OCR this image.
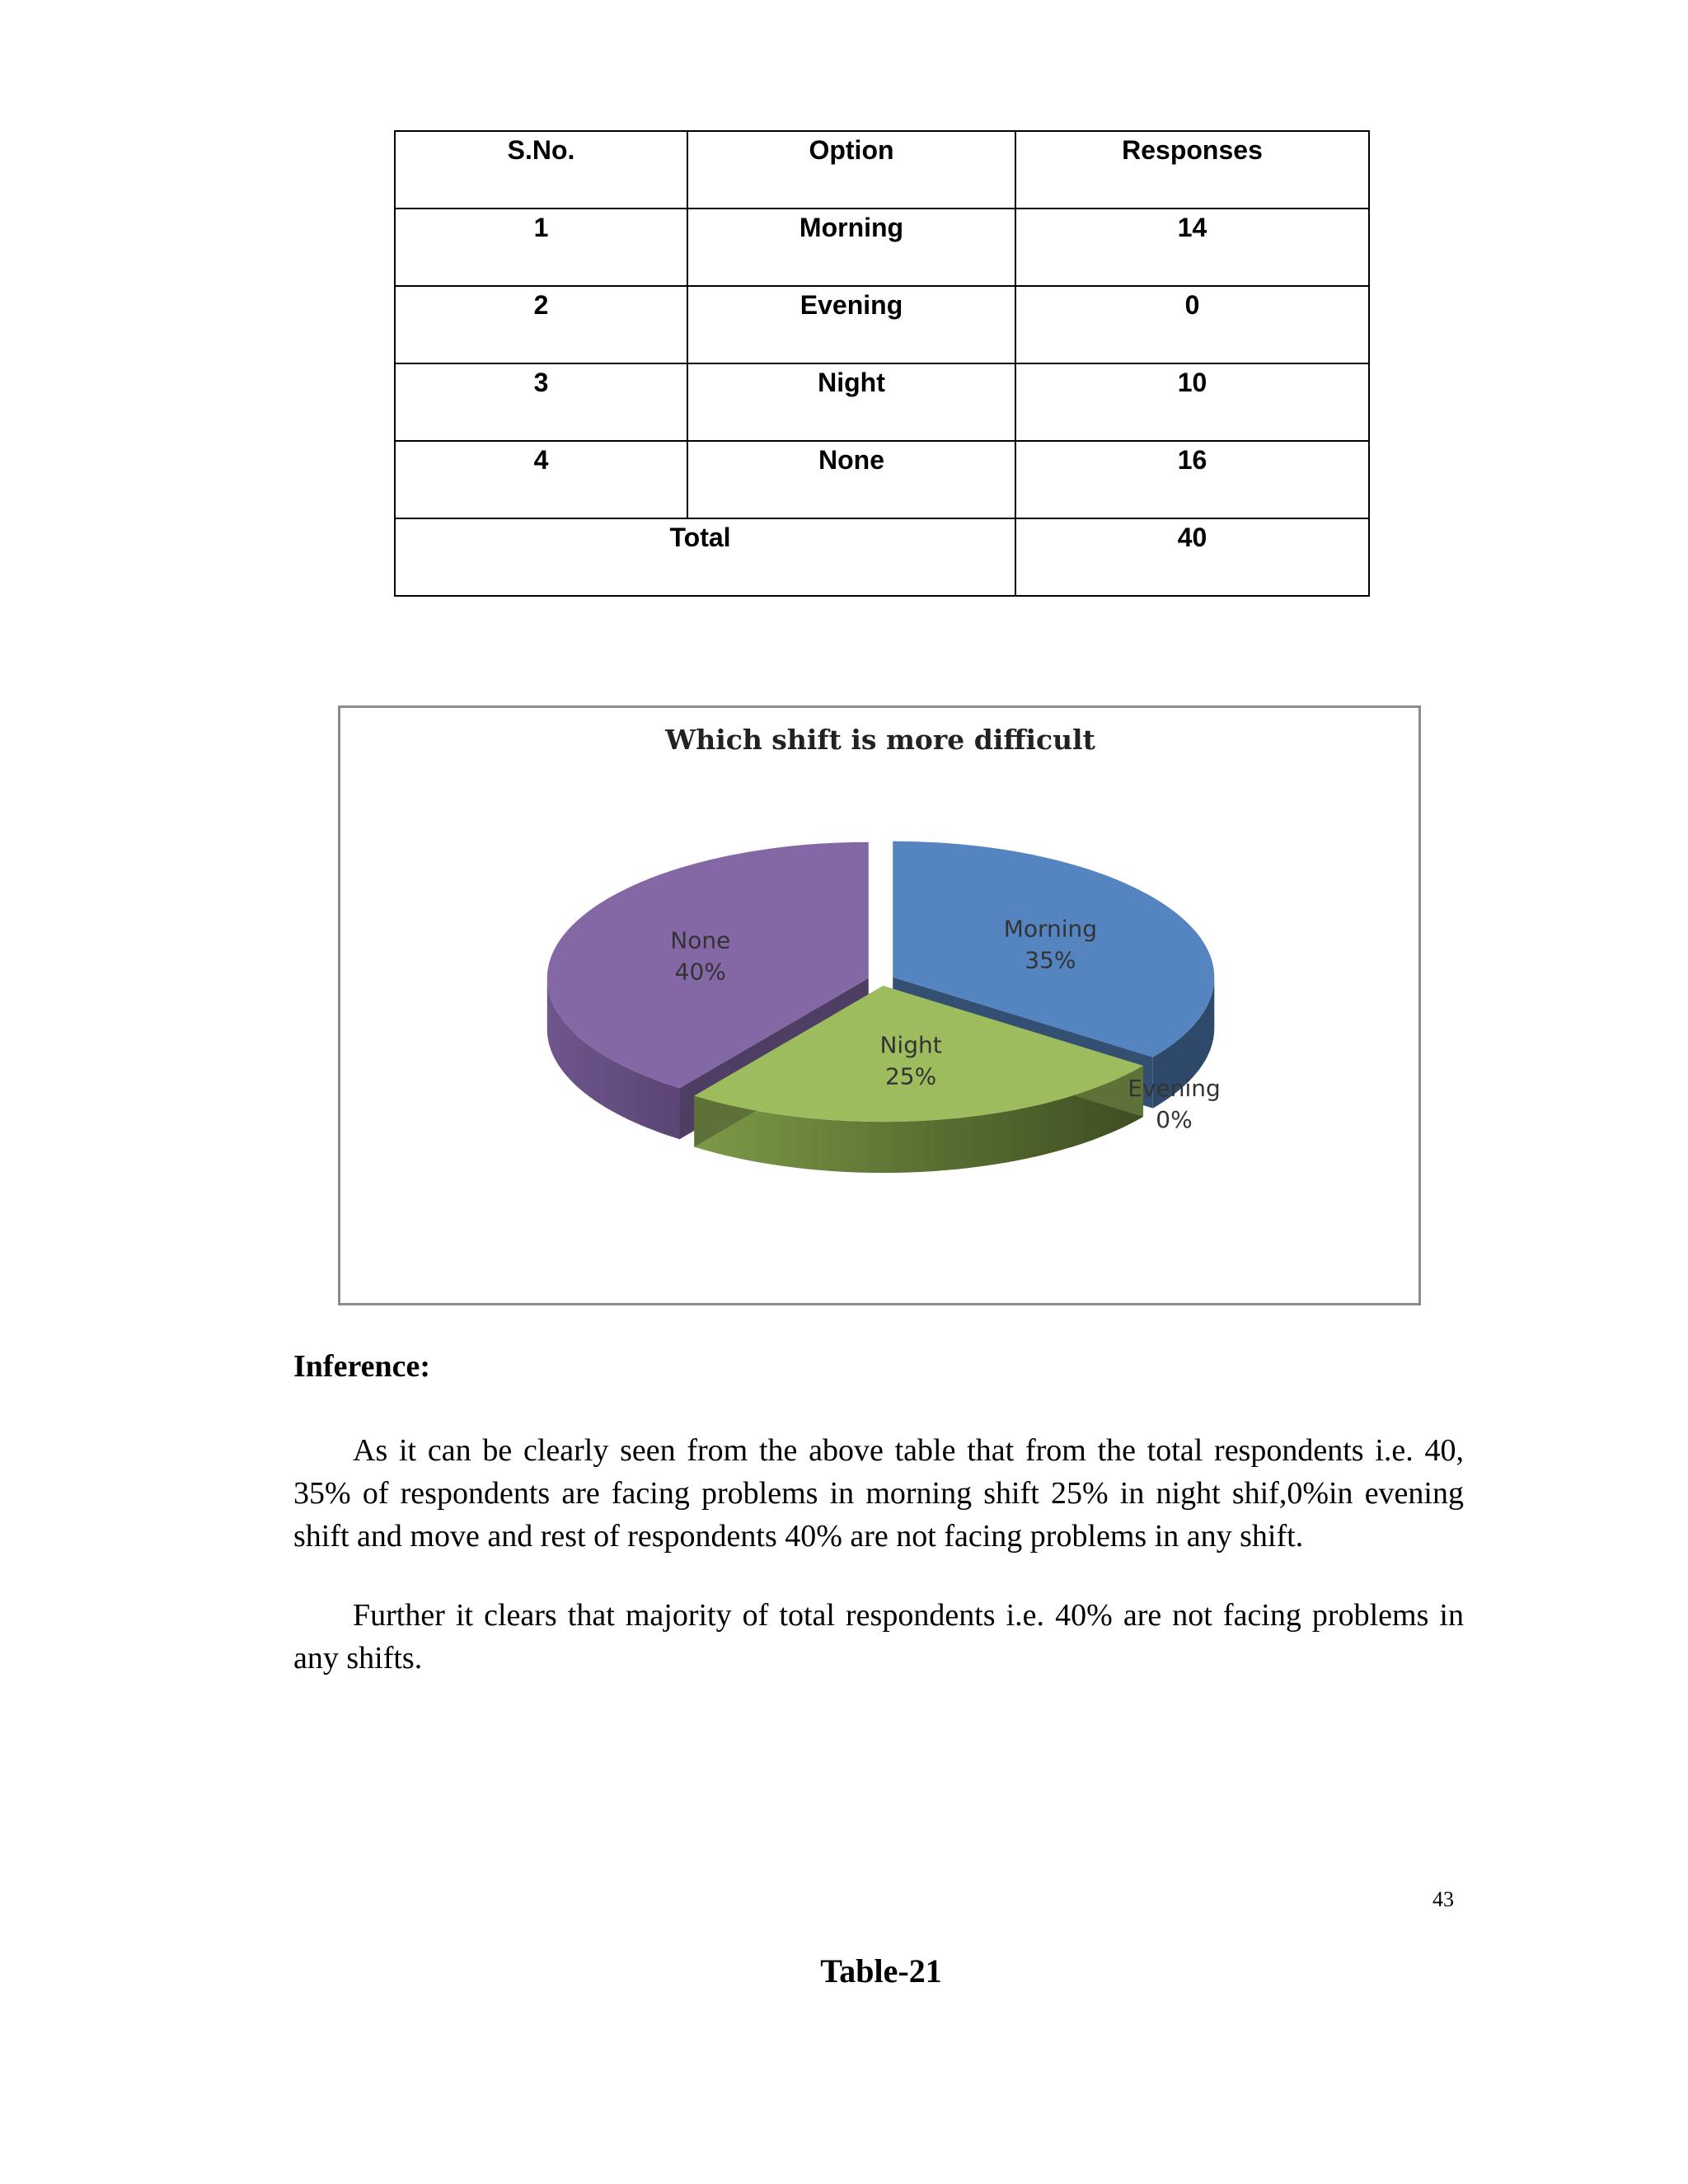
S.No.	Option	Responses

1	Morning	14

2	Evening	0

3	Night	10

4	None	16

Total		40
Which shift is more difficult
Morning
35%
Evening
0%
Night
25%
None
40%
Inference:

As it can be clearly seen from the above table that from the total respondents i.e. 40, 35% of respondents are facing problems in morning shift 25% in night shif,0%in evening shift and move and rest of respondents 40% are not facing problems in any shift.

Further it clears that majority of total respondents i.e. 40% are not facing problems in any shifts.

43
Table-21
